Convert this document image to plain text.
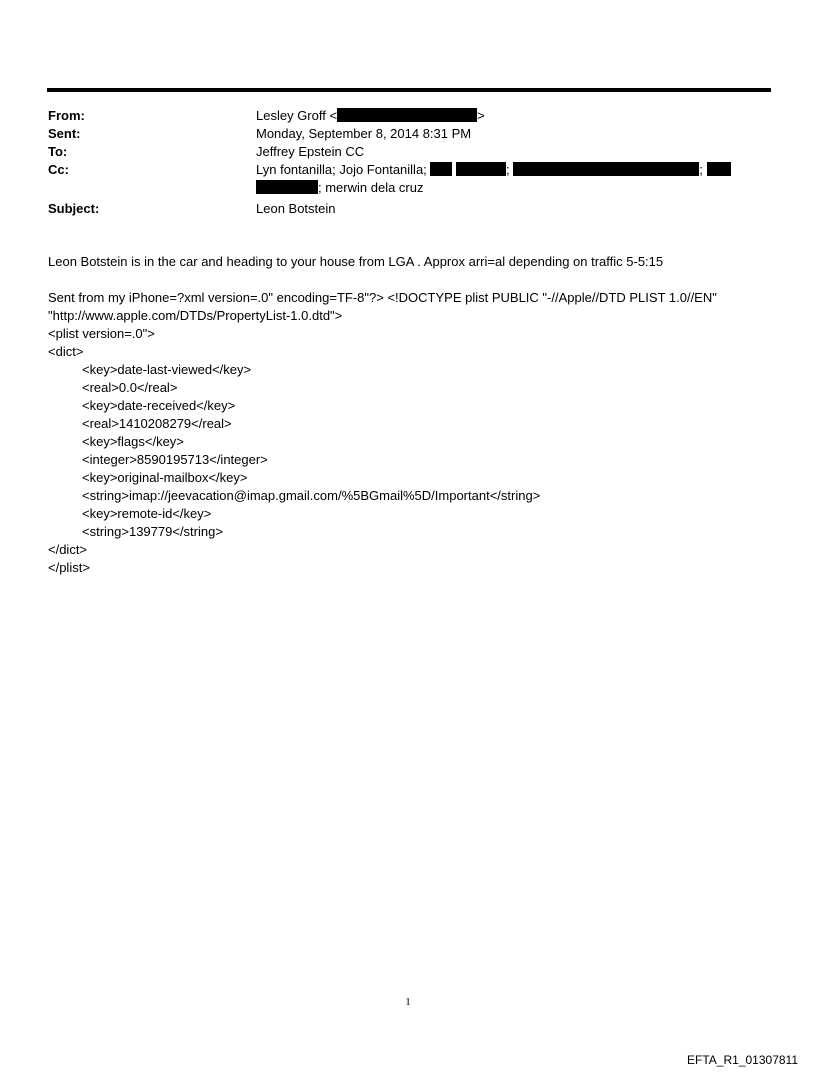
From:	Lesley Groff <	>
Sent:	Monday, September 8, 2014 8:31 PM
To:	Jeffrey Epstein CC
Cc:	Lyn fontanilla; Jojo Fontanilla;	;	;
; merwin dela cruz
Subject:	Leon Botstein

Leon Botstein is in the car and heading to your house from LGA . Approx arri=al depending on traffic 5-5:15

Sent from my iPhone=?xml version=.0" encoding=TF-8"?> <!DOCTYPE plist PUBLIC "-//Apple//DTD PLIST 1.0//EN"

"http://www.apple.com/DTDs/PropertyList-1.0.dtd">

<plist version=.0">
<dict>
<key>date-last-viewed</key>
<real>0.0</real>
<key>date-received</key>
<real>1410208279</real>
<key>flags</key>
<integer>8590195713</integer>
<key>original-mailbox</key>
<string>imap://jeevacation@imap.gmail.com/%5BGmail%5D/Important</string>
<key>remote-id</key>
<string>139779</string>
</dict>
</plist>
1
EFTA_R1_01307811
